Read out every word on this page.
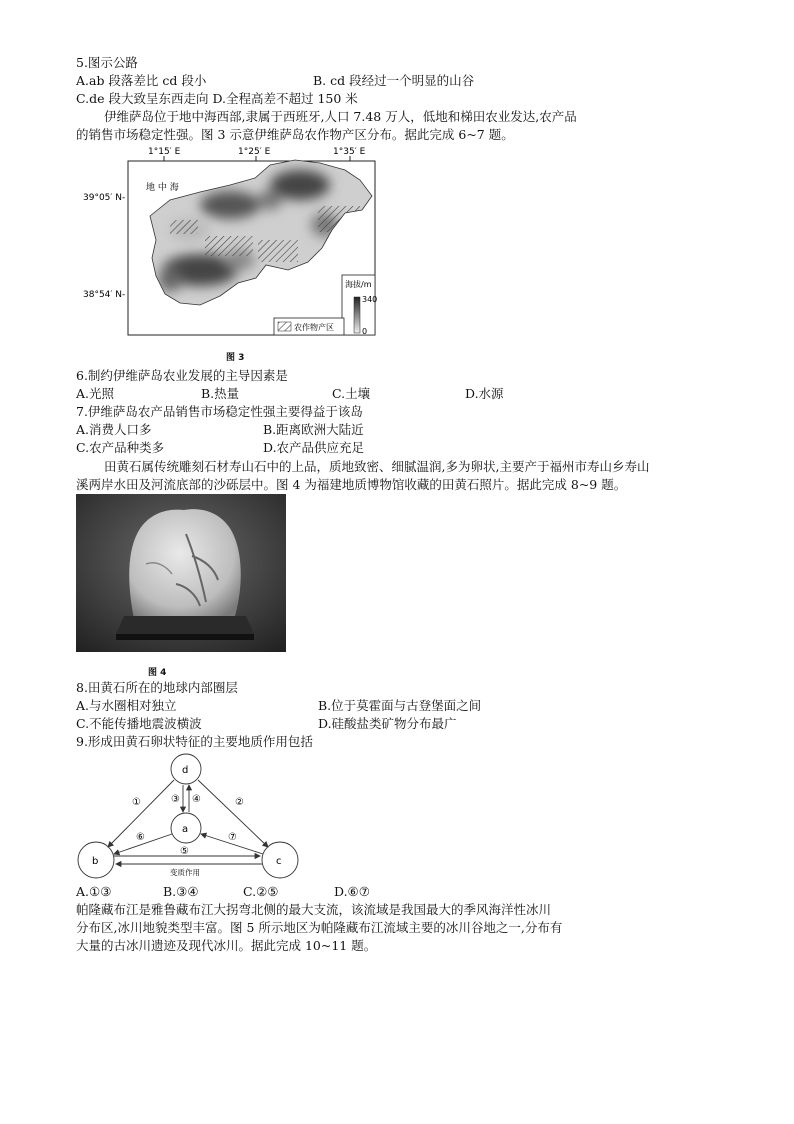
5.图示公路
A.ab 段落差比 cd 段小	B. cd 段经过一个明显的山谷
C.de 段大致呈东西走向 D.全程高差不超过 150 米
伊维萨岛位于地中海西部,隶属于西班牙,人口 7.48 万人，低地和梯田农业发达,农产品
的销售市场稳定性强。图 3 示意伊维萨岛农作物产区分布。据此完成 6~7 题。
1°15′ E	1°25′ E	1°35′ E
39°05′ N-
38°54′ N-
地 中 海
海拔/m
340
0
农作物产区
图 3
6.制约伊维萨岛农业发展的主导因素是
A.光照	B.热量	C.土壤	D.水源
7.伊维萨岛农产品销售市场稳定性强主要得益于该岛
A.消费人口多	B.距离欧洲大陆近
C.农产品种类多	D.农产品供应充足
田黄石属传统雕刻石材寿山石中的上品，质地致密、细腻温润,多为卵状,主要产于福州市寿山乡寿山
溪两岸水田及河流底部的沙砾层中。图 4 为福建地质博物馆收藏的田黄石照片。据此完成 8~9 题。
图 4
8.田黄石所在的地球内部圈层
A.与水圈相对独立	B.位于莫霍面与古登堡面之间
C.不能传播地震波横波	D.硅酸盐类矿物分布最广
9.形成田黄石卵状特征的主要地质作用包括
d
a
b	c
①	②
③ ④
⑥	⑦
⑤
变质作用
A.①③	B.③④	C.②⑤	D.⑥⑦
帕隆藏布江是雅鲁藏布江大拐弯北侧的最大支流，该流域是我国最大的季风海洋性冰川
分布区,冰川地貌类型丰富。图 5 所示地区为帕隆藏布江流域主要的冰川谷地之一,分布有
大量的古冰川遗迹及现代冰川。据此完成 10~11 题。
